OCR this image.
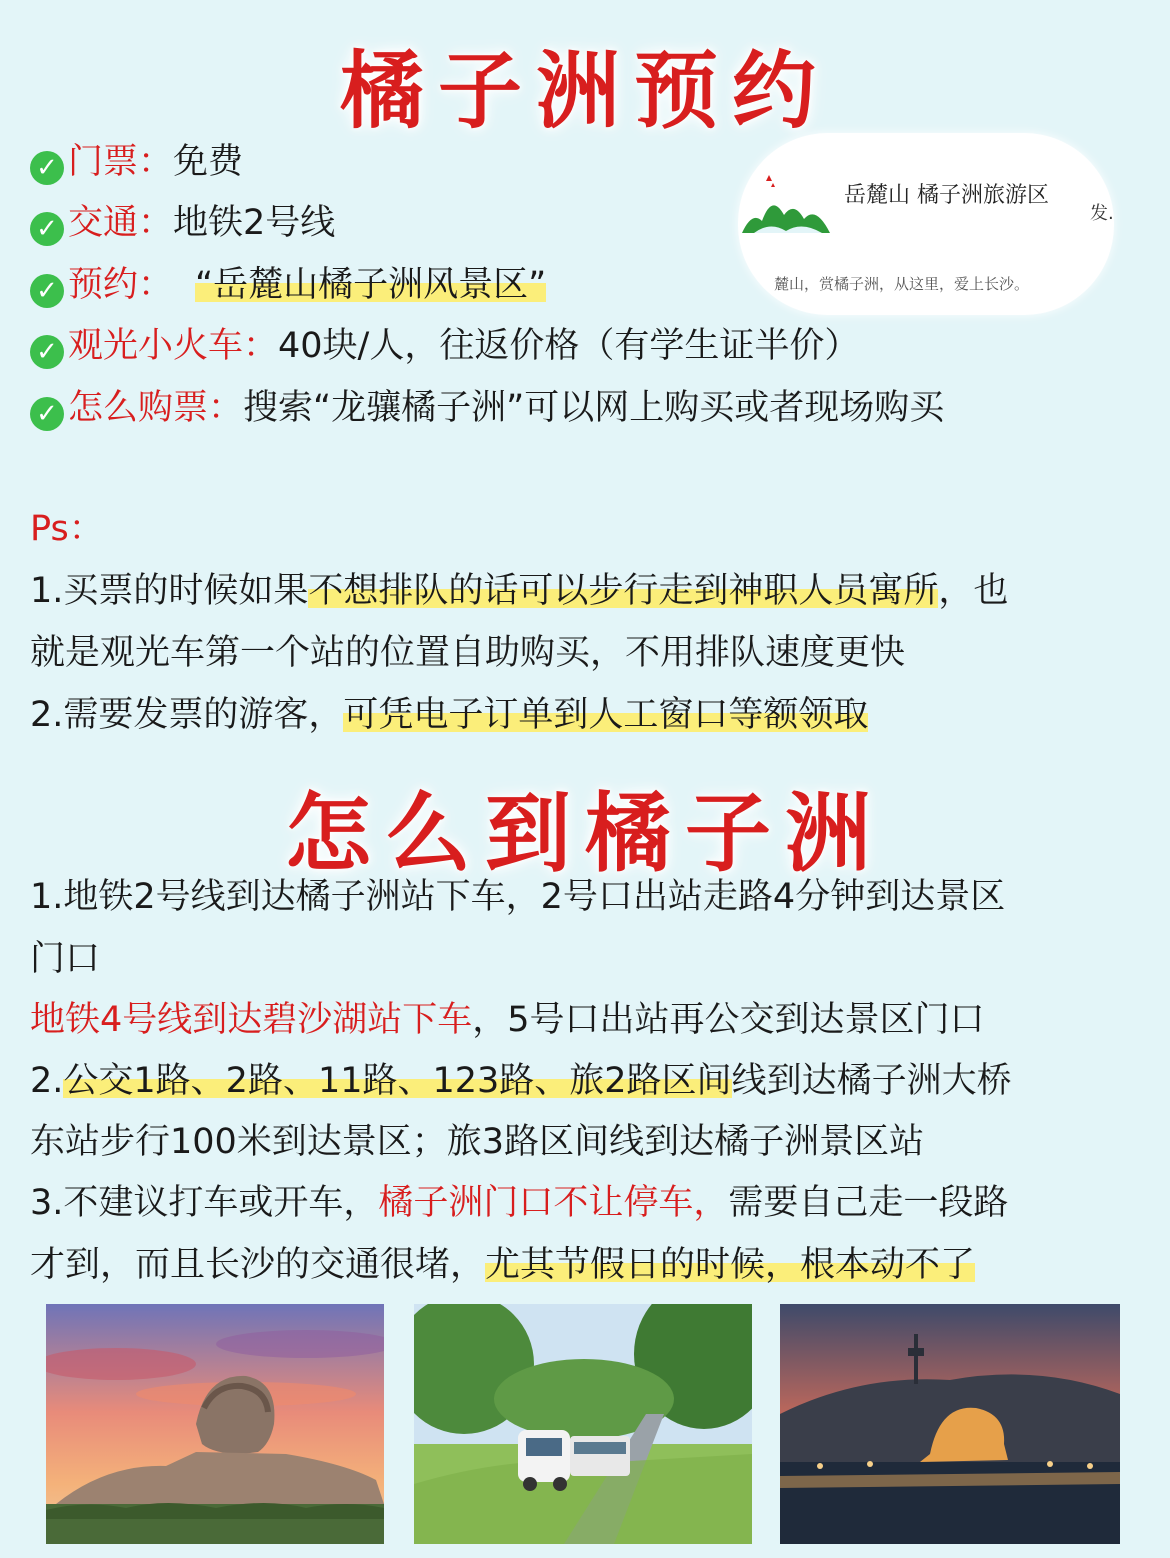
橘子洲预约
✓ 门票：免费
✓ 交通：地铁2号线
✓ 预约： “岳麓山橘子洲风景区”
✓ 观光小火车：40块/人，往返价格（有学生证半价）
✓ 怎么购票：搜索“龙骧橘子洲”可以网上购买或者现场购买
岳麓山 橘子洲旅游区
发.
麓山，赏橘子洲，从这里，爱上长沙。
Ps：
1.买票的时候如果不想排队的话可以步行走到神职人员寓所，也
就是观光车第一个站的位置自助购买，不用排队速度更快
2.需要发票的游客，可凭电子订单到人工窗口等额领取
怎么到橘子洲
1.地铁2号线到达橘子洲站下车，2号口出站走路4分钟到达景区
门口
地铁4号线到达碧沙湖站下车，5号口出站再公交到达景区门口
2.公交1路、2路、11路、123路、旅2路区间线到达橘子洲大桥
东站步行100米到达景区；旅3路区间线到达橘子洲景区站
3.不建议打车或开车，橘子洲门口不让停车，需要自己走一段路
才到，而且长沙的交通很堵，尤其节假日的时候，根本动不了
